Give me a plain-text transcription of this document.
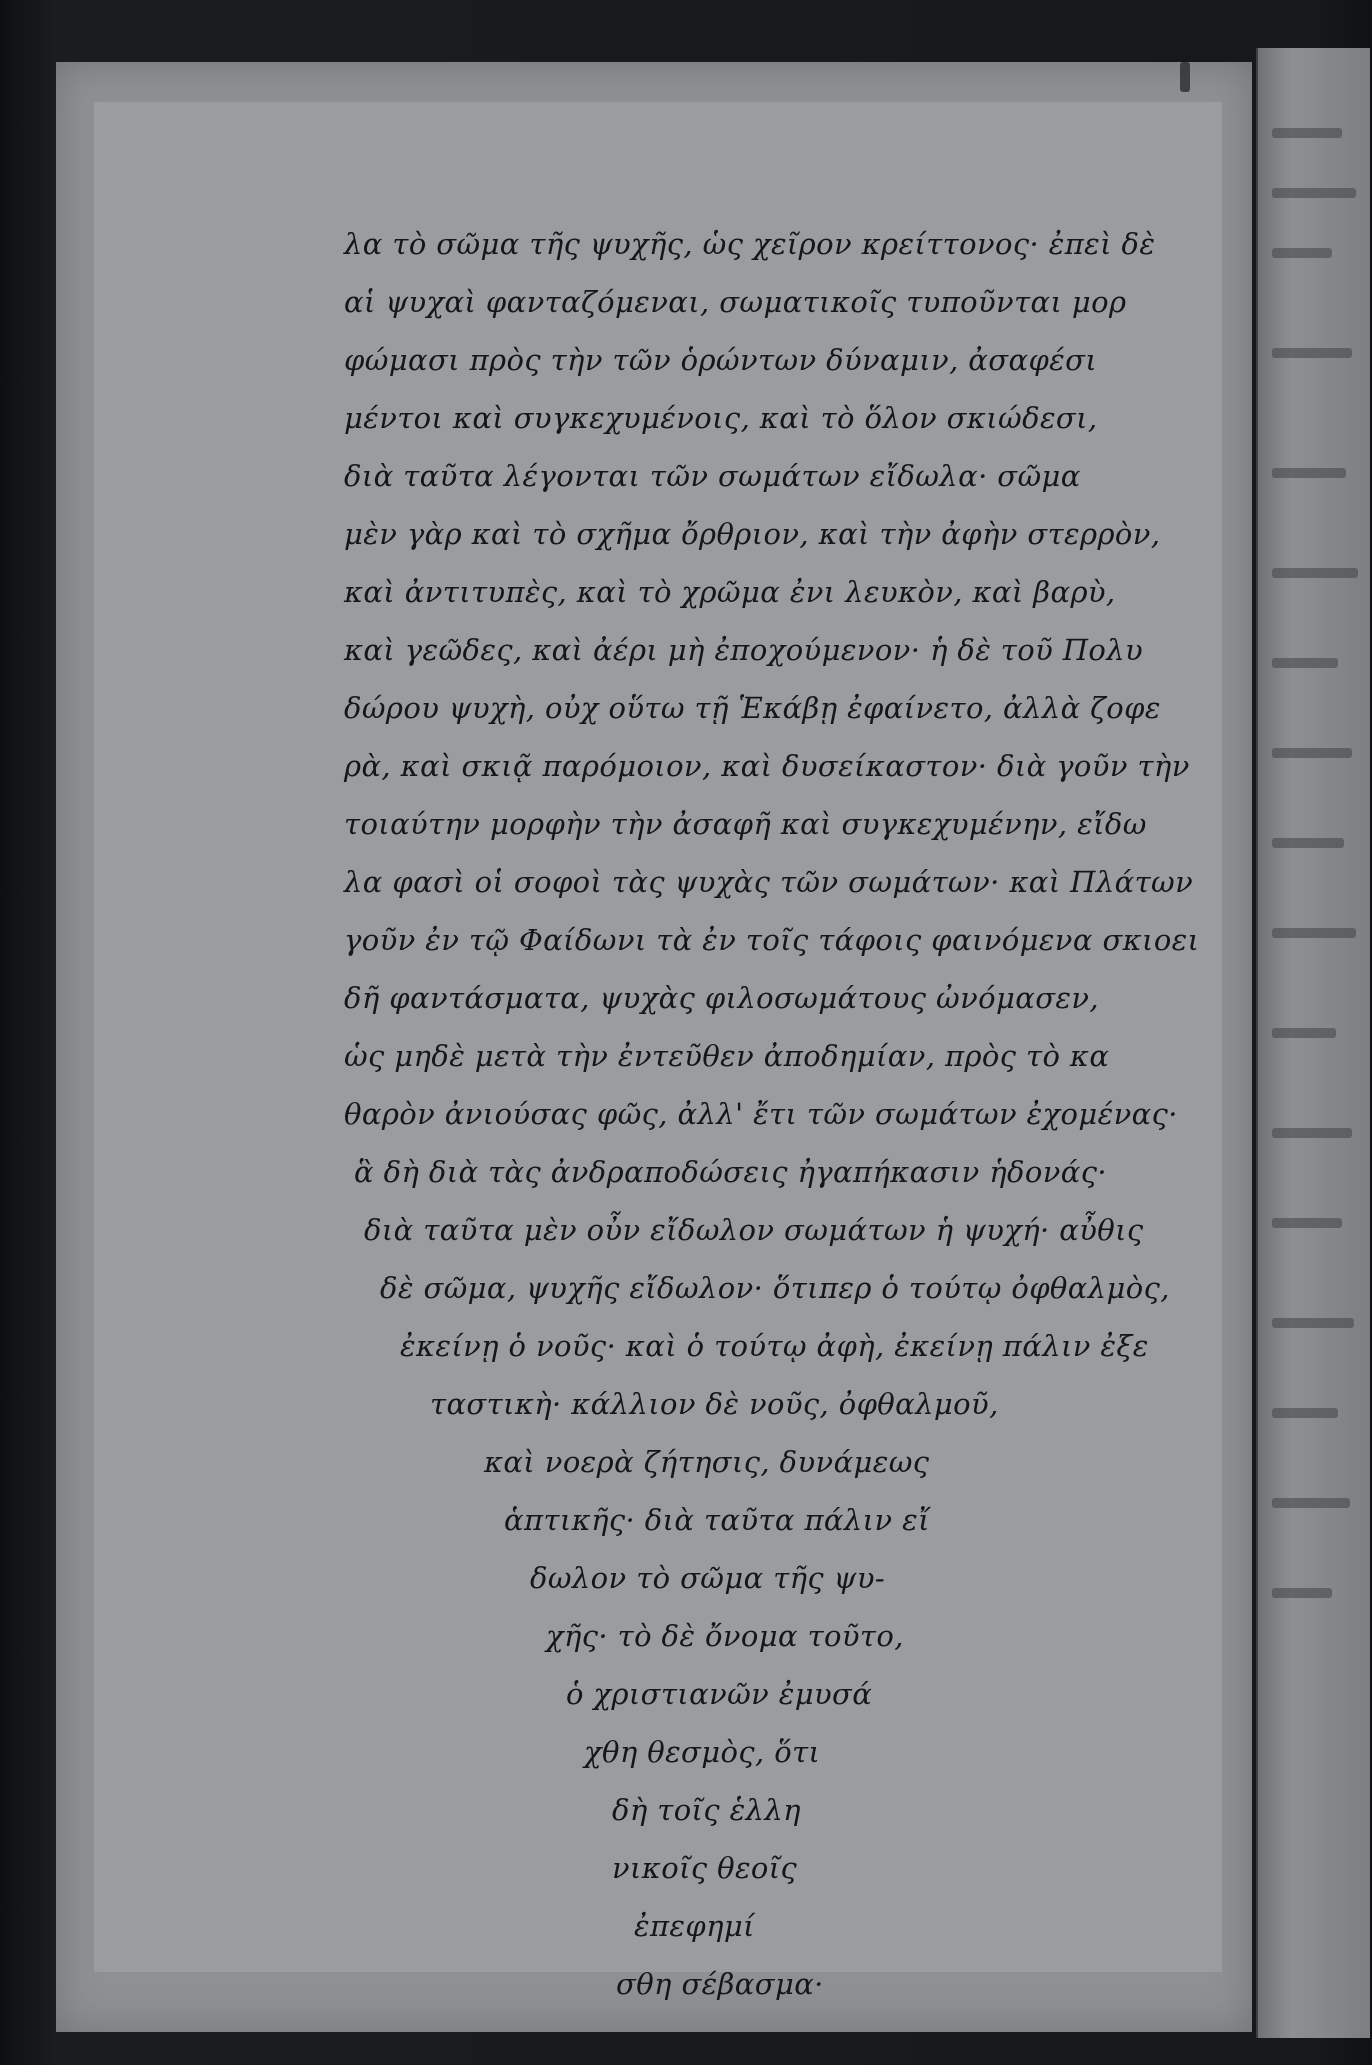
λα τὸ σῶμα τῆς ψυχῆς, ὡς χεῖρον κρείττονος· ἐπεὶ δὲ
αἱ ψυχαὶ φανταζόμεναι, σωματικοῖς τυποῦνται μορ
φώμασι πρὸς τὴν τῶν ὁρώντων δύναμιν, ἀσαφέσι
μέντοι καὶ συγκεχυμένοις, καὶ τὸ ὅλον σκιώδεσι,
διὰ ταῦτα λέγονται τῶν σωμάτων εἴδωλα· σῶμα
μὲν γὰρ καὶ τὸ σχῆμα ὄρθριον, καὶ τὴν ἀφὴν στερρὸν,
καὶ ἀντιτυπὲς, καὶ τὸ χρῶμα ἐνι λευκὸν, καὶ βαρὺ,
καὶ γεῶδες, καὶ ἀέρι μὴ ἐποχούμενον· ἡ δὲ τοῦ Πολυ
δώρου ψυχὴ, οὐχ οὕτω τῇ Ἑκάβῃ ἐφαίνετο, ἀλλὰ ζοφε
ρὰ, καὶ σκιᾷ παρόμοιον, καὶ δυσείκαστον· διὰ γοῦν τὴν
τοιαύτην μορφὴν τὴν ἀσαφῆ καὶ συγκεχυμένην, εἴδω
λα φασὶ οἱ σοφοὶ τὰς ψυχὰς τῶν σωμάτων· καὶ Πλάτων
γοῦν ἐν τῷ Φαίδωνι τὰ ἐν τοῖς τάφοις φαινόμενα σκιοει
δῆ φαντάσματα, ψυχὰς φιλοσωμάτους ὠνόμασεν,
ὡς μηδὲ μετὰ τὴν ἐντεῦθεν ἀποδημίαν, πρὸς τὸ κα
θαρὸν ἀνιούσας φῶς, ἀλλ' ἔτι τῶν σωμάτων ἐχομένας·
ἃ δὴ διὰ τὰς ἀνδραποδώσεις ἠγαπήκασιν ἡδονάς·
διὰ ταῦτα μὲν οὖν εἴδωλον σωμάτων ἡ ψυχή· αὖθις
δὲ σῶμα, ψυχῆς εἴδωλον· ὅτιπερ ὁ τούτῳ ὀφθαλμὸς,
ἐκείνῃ ὁ νοῦς· καὶ ὁ τούτῳ ἀφὴ, ἐκείνῃ πάλιν ἐξε
ταστικὴ· κάλλιον δὲ νοῦς, ὀφθαλμοῦ,
καὶ νοερὰ ζήτησις, δυνάμεως
ἁπτικῆς· διὰ ταῦτα πάλιν εἴ
δωλον τὸ σῶμα τῆς ψυ-
χῆς· τὸ δὲ ὄνομα τοῦτο,
ὁ χριστιανῶν ἐμυσά
χθη θεσμὸς, ὅτι
δὴ τοῖς ἑλλη
νικοῖς θεοῖς
ἐπεφημί
σθη σέβασμα·
